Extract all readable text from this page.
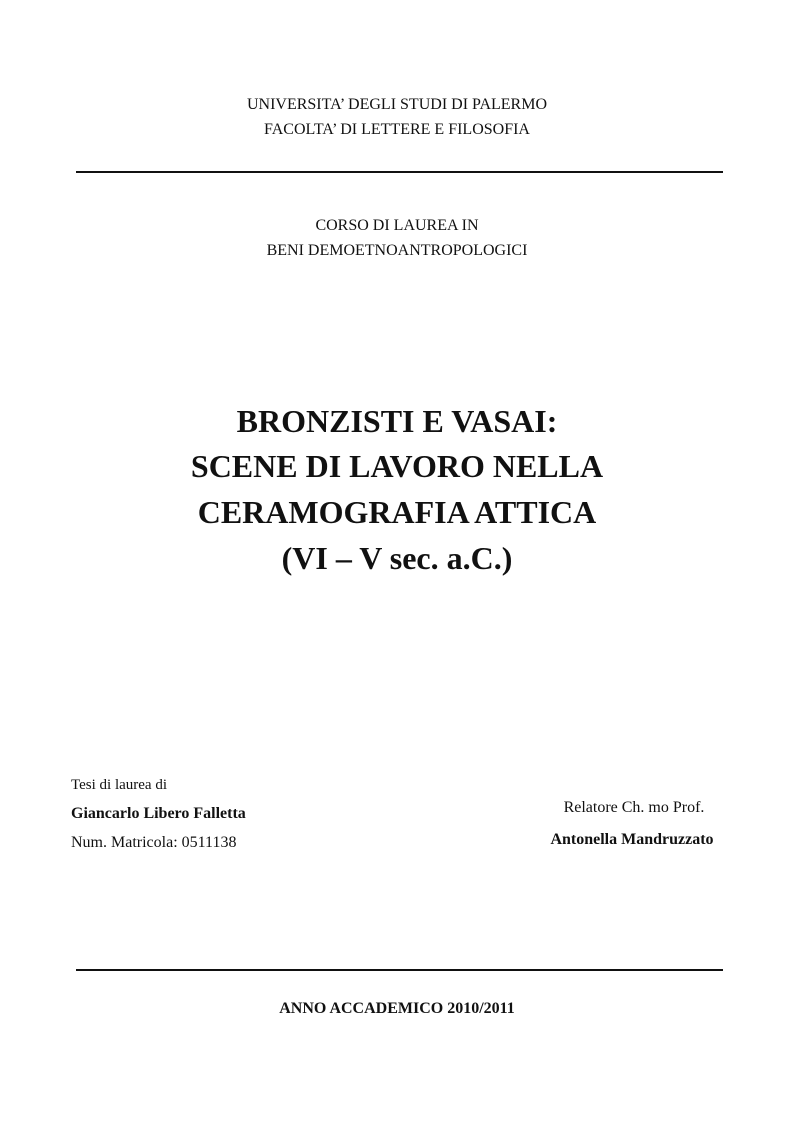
UNIVERSITA’ DEGLI STUDI DI PALERMO
FACOLTA’ DI LETTERE E FILOSOFIA
CORSO DI LAUREA IN
BENI DEMOETNOANTROPOLOGICI
BRONZISTI E VASAI:
SCENE DI LAVORO NELLA
CERAMOGRAFIA ATTICA
(VI – V sec. a.C.)
Tesi di laurea di
Giancarlo Libero Falletta
Num. Matricola: 0511138
Relatore Ch. mo Prof.
Antonella Mandruzzato
ANNO ACCADEMICO 2010/2011
